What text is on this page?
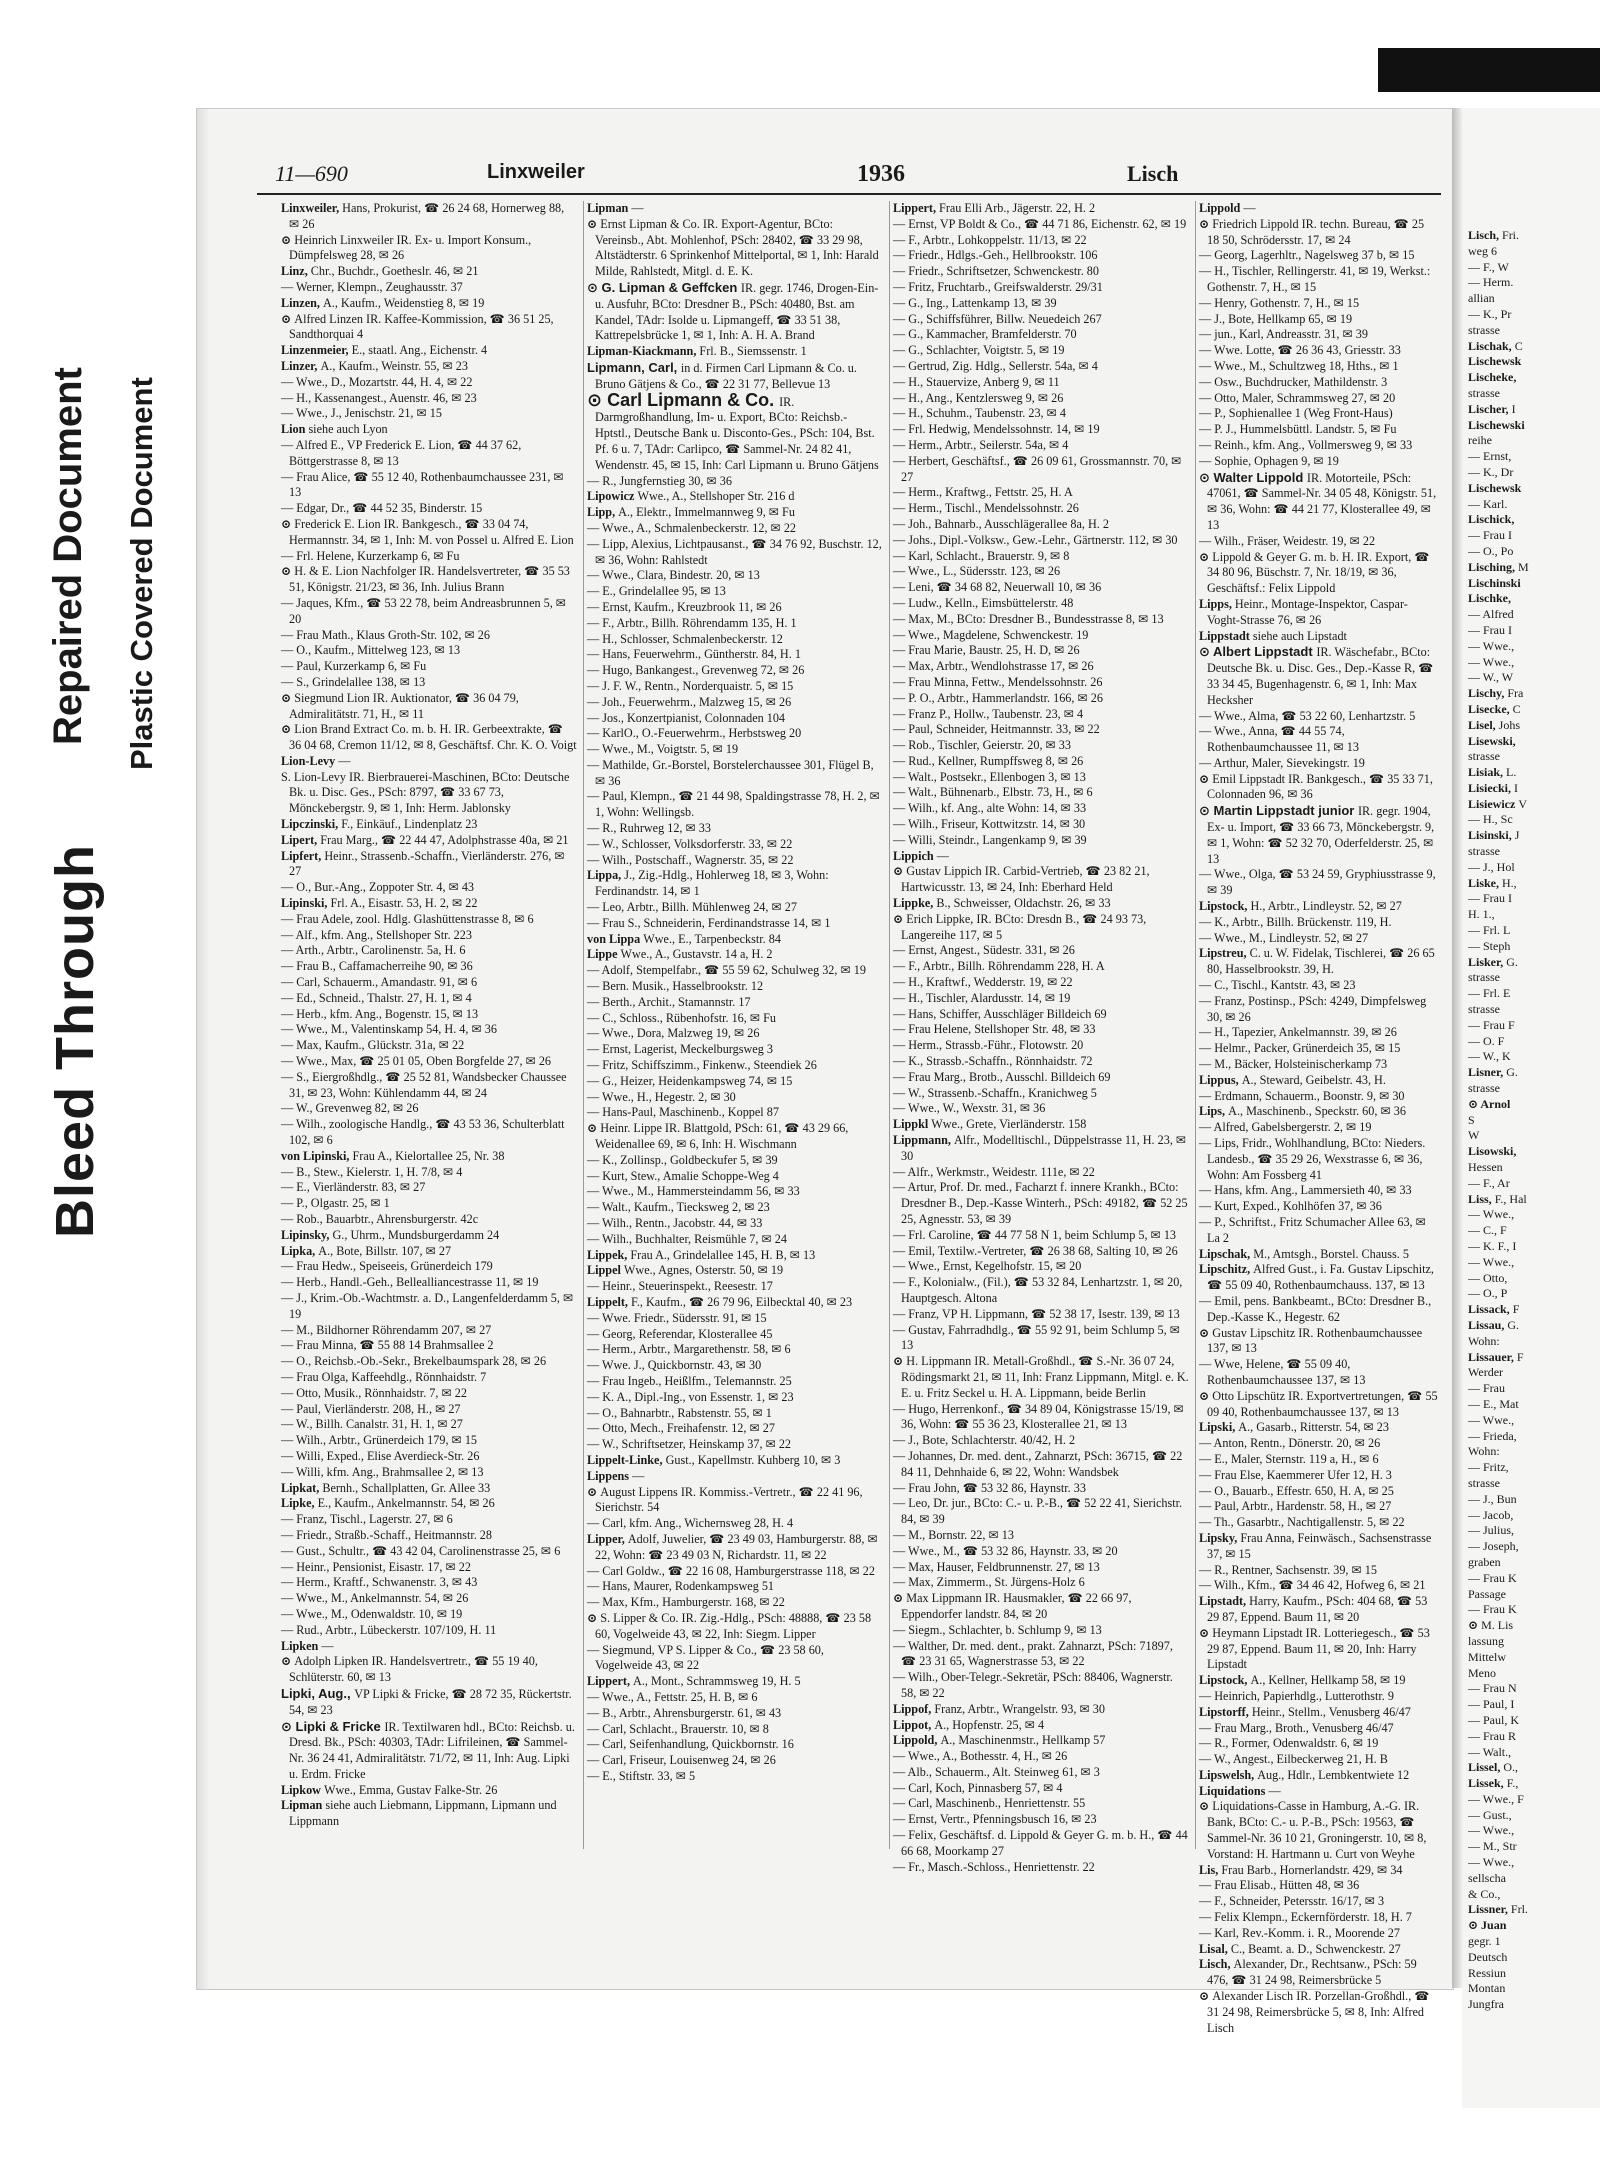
Bleed Through
Repaired Document Plastic Covered Document
11—690	Linxweiler	1936	Lisch

Linxweiler, Hans, Prokurist, ☎ 26 24 68, Hornerweg 88, ✉ 26

⊙ Heinrich Linxweiler IR. Ex- u. Import Konsum., Dümpfelsweg 28, ✉ 26

Linz, Chr., Buchdr., Goetheslr. 46, ✉ 21

— Werner, Klempn., Zeughausstr. 37

Linzen, A., Kaufm., Weidenstieg 8, ✉ 19

⊙ Alfred Linzen IR. Kaffee-Kommission, ☎ 36 51 25, Sandthorquai 4

Linzenmeier, E., staatl. Ang., Eichenstr. 4

Linzer, A., Kaufm., Weinstr. 55, ✉ 23

— Wwe., D., Mozartstr. 44, H. 4, ✉ 22

— H., Kassenangest., Auenstr. 46, ✉ 23

— Wwe., J., Jenischstr. 21, ✉ 15

Lion siehe auch Lyon

— Alfred E., VP Frederick E. Lion, ☎ 44 37 62, Böttgerstrasse 8, ✉ 13

— Frau Alice, ☎ 55 12 40, Rothenbaumchaussee 231, ✉ 13

— Edgar, Dr., ☎ 44 52 35, Binderstr. 15

⊙ Frederick E. Lion IR. Bankgesch., ☎ 33 04 74, Hermannstr. 34, ✉ 1, Inh: M. von Possel u. Alfred E. Lion

— Frl. Helene, Kurzerkamp 6, ✉ Fu

⊙ H. & E. Lion Nachfolger IR. Handelsvertreter, ☎ 35 53 51, Königstr. 21/23, ✉ 36, Inh. Julius Brann

— Jaques, Kfm., ☎ 53 22 78, beim Andreasbrunnen 5, ✉ 20

— Frau Math., Klaus Groth-Str. 102, ✉ 26

— O., Kaufm., Mittelweg 123, ✉ 13

— Paul, Kurzerkamp 6, ✉ Fu

— S., Grindelallee 138, ✉ 13

⊙ Siegmund Lion IR. Auktionator, ☎ 36 04 79, Admiralitätstr. 71, H., ✉ 11

⊙ Lion Brand Extract Co. m. b. H. IR. Gerbeextrakte, ☎ 36 04 68, Cremon 11/12, ✉ 8, Geschäftsf. Chr. K. O. Voigt

Lion-Levy —

S. Lion-Levy IR. Bierbrauerei-Maschinen, BCto: Deutsche Bk. u. Disc. Ges., PSch: 8797, ☎ 33 67 73, Mönckebergstr. 9, ✉ 1, Inh: Herm. Jablonsky

Lipczinski, F., Einkäuf., Lindenplatz 23

Lipert, Frau Marg., ☎ 22 44 47, Adolphstrasse 40a, ✉ 21

Lipfert, Heinr., Strassenb.-Schaffn., Vierländerstr. 276, ✉ 27

— O., Bur.-Ang., Zoppoter Str. 4, ✉ 43

Lipinski, Frl. A., Eisastr. 53, H. 2, ✉ 22

— Frau Adele, zool. Hdlg. Glashüttenstrasse 8, ✉ 6

— Alf., kfm. Ang., Stellshoper Str. 223

— Arth., Arbtr., Carolinenstr. 5a, H. 6

— Frau B., Caffamacherreihe 90, ✉ 36

— Carl, Schauerm., Amandastr. 91, ✉ 6

— Ed., Schneid., Thalstr. 27, H. 1, ✉ 4

— Herb., kfm. Ang., Bogenstr. 15, ✉ 13

— Wwe., M., Valentinskamp 54, H. 4, ✉ 36

— Max, Kaufm., Glückstr. 31a, ✉ 22

— Wwe., Max, ☎ 25 01 05, Oben Borgfelde 27, ✉ 26

— S., Eiergroßhdlg., ☎ 25 52 81, Wandsbecker Chaussee 31, ✉ 23, Wohn: Kühlendamm 44, ✉ 24

— W., Grevenweg 82, ✉ 26

— Wilh., zoologische Handlg., ☎ 43 53 36, Schulterblatt 102, ✉ 6

von Lipinski, Frau A., Kielortallee 25, Nr. 38

— B., Stew., Kielerstr. 1, H. 7/8, ✉ 4

— E., Vierländerstr. 83, ✉ 27

— P., Olgastr. 25, ✉ 1

— Rob., Bauarbtr., Ahrensburgerstr. 42c

Lipinsky, G., Uhrm., Mundsburgerdamm 24

Lipka, A., Bote, Billstr. 107, ✉ 27

— Frau Hedw., Speiseeis, Grünerdeich 179

— Herb., Handl.-Geh., Belleallianсestrasse 11, ✉ 19

— J., Krim.-Ob.-Wachtmstr. a. D., Langenfelderdamm 5, ✉ 19

— M., Bildhorner Röhrendamm 207, ✉ 27

— Frau Minna, ☎ 55 88 14 Brahmsallee 2

— O., Reichsb.-Ob.-Sekr., Brekelbaumspark 28, ✉ 26

— Frau Olga, Kaffeehdlg., Rönnhaidstr. 7

— Otto, Musik., Rönnhaidstr. 7, ✉ 22

— Paul, Vierländerstr. 208, H., ✉ 27

— W., Billh. Canalstr. 31, H. 1, ✉ 27

— Wilh., Arbtr., Grünerdeich 179, ✉ 15

— Willi, Exped., Elise Averdieck-Str. 26

— Willi, kfm. Ang., Brahmsallee 2, ✉ 13

Lipkat, Bernh., Schallplatten, Gr. Allee 33

Lipke, E., Kaufm., Ankelmannstr. 54, ✉ 26

— Franz, Tischl., Lagerstr. 27, ✉ 6

— Friedr., Straßb.-Schaff., Heitmannstr. 28

— Gust., Schultr., ☎ 43 42 04, Carolinenstrasse 25, ✉ 6

— Heinr., Pensionist, Eisastr. 17, ✉ 22

— Herm., Kraftf., Schwanenstr. 3, ✉ 43

— Wwe., M., Ankelmannstr. 54, ✉ 26

— Wwe., M., Odenwaldstr. 10, ✉ 19

— Rud., Arbtr., Lübeckerstr. 107/109, H. 11

Lipken —

⊙ Adolph Lipken IR. Handelsvertretr., ☎ 55 19 40, Schlüterstr. 60, ✉ 13

Lipki, Aug., VP Lipki & Fricke, ☎ 28 72 35, Rückertstr. 54, ✉ 23

⊙ Lipki & Fricke IR. Textilwaren hdl., BCto: Reichsb. u. Dresd. Bk., PSch: 40303, TAdr: Lifrileinen, ☎ Sammel-Nr. 36 24 41, Admiralitätstr. 71/72, ✉ 11, Inh: Aug. Lipki u. Erdm. Fricke

Lipkow Wwe., Emma, Gustav Falke-Str. 26

Lipman siehe auch Liebmann, Lippmann, Lipmann und Lippmann

Lipman —

⊙ Ernst Lipman & Co. IR. Export-Agentur, BCto: Vereinsb., Abt. Mohlenhof, PSch: 28402, ☎ 33 29 98, Altstädterstr. 6 Sprinkenhof Mittelportal, ✉ 1, Inh: Harald Milde, Rahlstedt, Mitgl. d. E. K.

⊙ G. Lipman & Geffcken IR. gegr. 1746, Drogen-Ein- u. Ausfuhr, BCto: Dresdner B., PSch: 40480, Bst. am Kandel, TAdr: Isolde u. Lipmangeff, ☎ 33 51 38, Kattrepelsbrücke 1, ✉ 1, Inh: A. H. A. Brand

Lipman-Kiackmann, Frl. B., Siemssenstr. 1

Lipmann, Carl, in d. Firmen Carl Lipmann & Co. u. Bruno Gätjens & Co., ☎ 22 31 77, Bellevue 13

⊙ Carl Lipmann & Co. IR. Darmgroßhandlung, Im- u. Export, BCto: Reichsb.-Hptstl., Deutsche Bank u. Disconto-Ges., PSch: 104, Bst. Pf. 6 u. 7, TAdr: Carlipco, ☎ Sammel-Nr. 24 82 41, Wendenstr. 45, ✉ 15, Inh: Carl Lipmann u. Bruno Gätjens

— R., Jungfernstieg 30, ✉ 36

Lipowicz Wwe., A., Stellshoper Str. 216 d

Lipp, A., Elektr., Immelmannweg 9, ✉ Fu

— Wwe., A., Schmalenbeckerstr. 12, ✉ 22

— Lipp, Alexius, Lichtpausanst., ☎ 34 76 92, Buschstr. 12, ✉ 36, Wohn: Rahlstedt

— Wwe., Clara, Bindestr. 20, ✉ 13

— E., Grindelallee 95, ✉ 13

— Ernst, Kaufm., Kreuzbrook 11, ✉ 26

— F., Arbtr., Billh. Röhrendamm 135, H. 1

— H., Schlosser, Schmalenbeckerstr. 12

— Hans, Feuerwehrm., Güntherstr. 84, H. 1

— Hugo, Bankangest., Grevenweg 72, ✉ 26

— J. F. W., Rentn., Norderquaistr. 5, ✉ 15

— Joh., Feuerwehrm., Malzweg 15, ✉ 26

— Jos., Konzertpianist, Colonnaden 104

— KarlO., O.-Feuerwehrm., Herbstsweg 20

— Wwe., M., Voigtstr. 5, ✉ 19

— Mathilde, Gr.-Borstel, Borstelerchaussee 301, Flügel B, ✉ 36

— Paul, Klempn., ☎ 21 44 98, Spaldingstrasse 78, H. 2, ✉ 1, Wohn: Wellingsb.

— R., Ruhrweg 12, ✉ 33

— W., Schlosser, Volksdorferstr. 33, ✉ 22

— Wilh., Postschaff., Wagnerstr. 35, ✉ 22

Lippa, J., Zig.-Hdlg., Hohlerweg 18, ✉ 3, Wohn: Ferdinandstr. 14, ✉ 1

— Leo, Arbtr., Billh. Mühlenweg 24, ✉ 27

— Frau S., Schneiderin, Ferdinandstrasse 14, ✉ 1

von Lippa Wwe., E., Tarpenbeckstr. 84

Lippe Wwe., A., Gustavstr. 14 a, H. 2

— Adolf, Stempelfabr., ☎ 55 59 62, Schulweg 32, ✉ 19

— Bern. Musik., Hasselbrookstr. 12

— Berth., Archit., Stamannstr. 17

— C., Schloss., Rübenhofstr. 16, ✉ Fu

— Wwe., Dora, Malzweg 19, ✉ 26

— Ernst, Lagerist, Meckelburgsweg 3

— Fritz, Schiffszimm., Finkenw., Steendiek 26

— G., Heizer, Heidenkampsweg 74, ✉ 15

— Wwe., H., Hegestr. 2, ✉ 30

— Hans-Paul, Maschinenb., Koppel 87

⊙ Heinr. Lippe IR. Blattgold, PSch: 61, ☎ 43 29 66, Weidenallee 69, ✉ 6, Inh: H. Wischmann

— K., Zollinsp., Goldbeckufer 5, ✉ 39

— Kurt, Stew., Amalie Schoppe-Weg 4

— Wwe., M., Hammersteindamm 56, ✉ 33

— Walt., Kaufm., Tiecksweg 2, ✉ 23

— Wilh., Rentn., Jacobstr. 44, ✉ 33

— Wilh., Buchhalter, Reismühle 7, ✉ 24

Lippek, Frau A., Grindelallee 145, H. B, ✉ 13

Lippel Wwe., Agnes, Osterstr. 50, ✉ 19

— Heinr., Steuerinspekt., Reesestr. 17

Lippelt, F., Kaufm., ☎ 26 79 96, Eilbecktal 40, ✉ 23

— Wwe. Friedr., Südersstr. 91, ✉ 15

— Georg, Referendar, Klosterallee 45

— Herm., Arbtr., Margarethenstr. 58, ✉ 6

— Wwe. J., Quickbornstr. 43, ✉ 30

— Frau Ingeb., Heißlfm., Telemannstr. 25

— K. A., Dipl.-Ing., von Essenstr. 1, ✉ 23

— O., Bahnarbtr., Rabstenstr. 55, ✉ 1

— Otto, Mech., Freihafenstr. 12, ✉ 27

— W., Schriftsetzer, Heinskamp 37, ✉ 22

Lippelt-Linke, Gust., Kapellmstr. Kuhberg 10, ✉ 3

Lippens —

⊙ August Lippens IR. Kommiss.-Vertretr., ☎ 22 41 96, Sierichstr. 54

— Carl, kfm. Ang., Wichernsweg 28, H. 4

Lipper, Adolf, Juwelier, ☎ 23 49 03, Hamburgerstr. 88, ✉ 22, Wohn: ☎ 23 49 03 N, Richardstr. 11, ✉ 22

— Carl Goldw., ☎ 22 16 08, Hamburgerstrasse 118, ✉ 22

— Hans, Maurer, Rodenkampsweg 51

— Max, Kfm., Hamburgerstr. 168, ✉ 22

⊙ S. Lipper & Co. IR. Zig.-Hdlg., PSch: 48888, ☎ 23 58 60, Vogelweide 43, ✉ 22, Inh: Siegm. Lipper

— Siegmund, VP S. Lipper & Co., ☎ 23 58 60, Vogelweide 43, ✉ 22

Lippert, A., Mont., Schrammsweg 19, H. 5

— Wwe., A., Fettstr. 25, H. B, ✉ 6

— B., Arbtr., Ahrensburgerstr. 61, ✉ 43

— Carl, Schlacht., Brauerstr. 10, ✉ 8

— Carl, Seifenhandlung, Quickbornstr. 16

— Carl, Friseur, Louisenweg 24, ✉ 26

— E., Stiftstr. 33, ✉ 5

Lippert, Frau Elli Arb., Jägerstr. 22, H. 2

— Ernst, VP Boldt & Co., ☎ 44 71 86, Eichenstr. 62, ✉ 19

— F., Arbtr., Lohkoppelstr. 11/13, ✉ 22

— Friedr., Hdlgs.-Geh., Hellbrookstr. 106

— Friedr., Schriftsetzer, Schwenckestr. 80

— Fritz, Fruchtarb., Greifswalderstr. 29/31

— G., Ing., Lattenkamp 13, ✉ 39

— G., Schiffsführer, Billw. Neuedeich 267

— G., Kammacher, Bramfelderstr. 70

— G., Schlachter, Voigtstr. 5, ✉ 19

— Gertrud, Zig. Hdlg., Sellerstr. 54a, ✉ 4

— H., Stauervize, Anberg 9, ✉ 11

— H., Ang., Kentzlersweg 9, ✉ 26

— H., Schuhm., Taubenstr. 23, ✉ 4

— Frl. Hedwig, Mendelssohnstr. 14, ✉ 19

— Herm., Arbtr., Seilerstr. 54a, ✉ 4

— Herbert, Geschäftsf., ☎ 26 09 61, Grossmannstr. 70, ✉ 27

— Herm., Kraftwg., Fettstr. 25, H. A

— Herm., Tischl., Mendelssohnstr. 26

— Joh., Bahnarb., Ausschlägerallee 8a, H. 2

— Johs., Dipl.-Volksw., Gew.-Lehr., Gärtnerstr. 112, ✉ 30

— Karl, Schlacht., Brauerstr. 9, ✉ 8

— Wwe., L., Südersstr. 123, ✉ 26

— Leni, ☎ 34 68 82, Neuerwall 10, ✉ 36

— Ludw., Kelln., Eimsbüttelerstr. 48

— Max, M., BCto: Dresdner B., Bundesstrasse 8, ✉ 13

— Wwe., Magdelene, Schwenckestr. 19

— Frau Marie, Baustr. 25, H. D, ✉ 26

— Max, Arbtr., Wendlohstrasse 17, ✉ 26

— Frau Minna, Fettw., Mendelssohnstr. 26

— P. O., Arbtr., Hammerlandstr. 166, ✉ 26

— Franz P., Hollw., Taubenstr. 23, ✉ 4

— Paul, Schneider, Heitmannstr. 33, ✉ 22

— Rob., Tischler, Geierstr. 20, ✉ 33

— Rud., Kellner, Rumpffsweg 8, ✉ 26

— Walt., Postsekr., Ellenbogen 3, ✉ 13

— Walt., Bühnenarb., Elbstr. 73, H., ✉ 6

— Wilh., kf. Ang., alte Wohn: 14, ✉ 33

— Wilh., Friseur, Kottwitzstr. 14, ✉ 30

— Willi, Steindr., Langenkamp 9, ✉ 39

Lippich —

⊙ Gustav Lippich IR. Carbid-Vertrieb, ☎ 23 82 21, Hartwicusstr. 13, ✉ 24, Inh: Eberhard Held

Lippke, B., Schweisser, Oldachstr. 26, ✉ 33

⊙ Erich Lippke, IR. BCto: Dresdn B., ☎ 24 93 73, Langereihe 117, ✉ 5

— Ernst, Angest., Südestr. 331, ✉ 26

— F., Arbtr., Billh. Röhrendamm 228, H. A

— H., Kraftwf., Wedderstr. 19, ✉ 22

— H., Tischler, Alardusstr. 14, ✉ 19

— Hans, Schiffer, Ausschläger Billdeich 69

— Frau Helene, Stellshoper Str. 48, ✉ 33

— Herm., Strassb.-Führ., Flotowstr. 20

— K., Strassb.-Schaffn., Rönnhaidstr. 72

— Frau Marg., Brotb., Ausschl. Billdeich 69

— W., Strassenb.-Schaffn., Kranichweg 5

— Wwe., W., Wexstr. 31, ✉ 36

Lippkl Wwe., Grete, Vierländerstr. 158

Lippmann, Alfr., Modelltischl., Düppelstrasse 11, H. 23, ✉ 30

— Alfr., Werkmstr., Weidestr. 111e, ✉ 22

— Artur, Prof. Dr. med., Facharzt f. innere Krankh., BCto: Dresdner B., Dep.-Kasse Winterh., PSch: 49182, ☎ 52 25 25, Agnesstr. 53, ✉ 39

— Frl. Caroline, ☎ 44 77 58 N 1, beim Schlump 5, ✉ 13

— Emil, Textilw.-Vertreter, ☎ 26 38 68, Salting 10, ✉ 26

— Wwe., Ernst, Kegelhofstr. 15, ✉ 20

— F., Kolonialw., (Fil.), ☎ 53 32 84, Lenhartzstr. 1, ✉ 20, Hauptgesch. Altona

— Franz, VP H. Lippmann, ☎ 52 38 17, Isestr. 139, ✉ 13

— Gustav, Fahrradhdlg., ☎ 55 92 91, beim Schlump 5, ✉ 13

⊙ H. Lippmann IR. Metall-Großhdl., ☎ S.-Nr. 36 07 24, Rödingsmarkt 21, ✉ 11, Inh: Franz Lippmann, Mitgl. e. K. E. u. Fritz Seckel u. H. A. Lippmann, beide Berlin

— Hugo, Herrenkonf., ☎ 34 89 04, Königstrasse 15/19, ✉ 36, Wohn: ☎ 55 36 23, Klosterallee 21, ✉ 13

— J., Bote, Schlachterstr. 40/42, H. 2

— Johannes, Dr. med. dent., Zahnarzt, PSch: 36715, ☎ 22 84 11, Dehnhaide 6, ✉ 22, Wohn: Wandsbek

— Frau John, ☎ 53 32 86, Haynstr. 33

— Leo, Dr. jur., BCto: C.- u. P.-B., ☎ 52 22 41, Sierichstr. 84, ✉ 39

— M., Bornstr. 22, ✉ 13

— Wwe., M., ☎ 53 32 86, Haynstr. 33, ✉ 20

— Max, Hauser, Feldbrunnenstr. 27, ✉ 13

— Max, Zimmerm., St. Jürgens-Holz 6

⊙ Max Lippmann IR. Hausmakler, ☎ 22 66 97, Eppendorfer landstr. 84, ✉ 20

— Siegm., Schlachter, b. Schlump 9, ✉ 13

— Walther, Dr. med. dent., prakt. Zahnarzt, PSch: 71897, ☎ 23 31 65, Wagnerstrasse 53, ✉ 22

— Wilh., Ober-Telegr.-Sekretär, PSch: 88406, Wagnerstr. 58, ✉ 22

Lippof, Franz, Arbtr., Wrangelstr. 93, ✉ 30

Lippot, A., Hopfenstr. 25, ✉ 4

Lippold, A., Maschinenmstr., Hellkamp 57

— Wwe., A., Bothesstr. 4, H., ✉ 26

— Alb., Schauerm., Alt. Steinweg 61, ✉ 3

— Carl, Koch, Pinnasberg 57, ✉ 4

— Carl, Maschinenb., Henriettenstr. 55

— Ernst, Vertr., Pfenningsbusch 16, ✉ 23

— Felix, Geschäftsf. d. Lippold & Geyer G. m. b. H., ☎ 44 66 68, Moorkamp 27

— Fr., Masch.-Schloss., Henriettenstr. 22

Lippold —

⊙ Friedrich Lippold IR. techn. Bureau, ☎ 25 18 50, Schrödersstr. 17, ✉ 24

— Georg, Lagerhltr., Nagelsweg 37 b, ✉ 15

— H., Tischler, Rellingerstr. 41, ✉ 19, Werkst.: Gothenstr. 7, H., ✉ 15

— Henry, Gothenstr. 7, H., ✉ 15

— J., Bote, Hellkamp 65, ✉ 19

— jun., Karl, Andreasstr. 31, ✉ 39

— Wwe. Lotte, ☎ 26 36 43, Griesstr. 33

— Wwe., M., Schultzweg 18, Hths., ✉ 1

— Osw., Buchdrucker, Mathildenstr. 3

— Otto, Maler, Schrammsweg 27, ✉ 20

— P., Sophienallee 1 (Weg Front-Haus)

— P. J., Hummelsbüttl. Landstr. 5, ✉ Fu

— Reinh., kfm. Ang., Vollmersweg 9, ✉ 33

— Sophie, Ophagen 9, ✉ 19

⊙ Walter Lippold IR. Motorteile, PSch: 47061, ☎ Sammel-Nr. 34 05 48, Königstr. 51, ✉ 36, Wohn: ☎ 44 21 77, Klosterallee 49, ✉ 13

— Wilh., Fräser, Weidestr. 19, ✉ 22

⊙ Lippold & Geyer G. m. b. H. IR. Export, ☎ 34 80 96, Büschstr. 7, Nr. 18/19, ✉ 36, Geschäftsf.: Felix Lippold

Lipps, Heinr., Montage-Inspektor, Caspar-Voght-Strasse 76, ✉ 26

Lippstadt siehe auch Lipstadt

⊙ Albert Lippstadt IR. Wäschefabr., BCto: Deutsche Bk. u. Disc. Ges., Dep.-Kasse R, ☎ 33 34 45, Bugenhagenstr. 6, ✉ 1, Inh: Max Hecksher

— Wwe., Alma, ☎ 53 22 60, Lenhartzstr. 5

— Wwe., Anna, ☎ 44 55 74, Rothenbaumchaussee 11, ✉ 13

— Arthur, Maler, Sievekingstr. 19

⊙ Emil Lippstadt IR. Bankgesch., ☎ 35 33 71, Colonnaden 96, ✉ 36

⊙ Martin Lippstadt junior IR. gegr. 1904, Ex- u. Import, ☎ 33 66 73, Mönckebergstr. 9, ✉ 1, Wohn: ☎ 52 32 70, Oderfelderstr. 25, ✉ 13

— Wwe., Olga, ☎ 53 24 59, Gryphiusstrasse 9, ✉ 39

Lipstock, H., Arbtr., Lindleystr. 52, ✉ 27

— K., Arbtr., Billh. Brückenstr. 119, H.

— Wwe., M., Lindleystr. 52, ✉ 27

Lipstreu, C. u. W. Fidelak, Tischlerei, ☎ 26 65 80, Hasselbrookstr. 39, H.

— C., Tischl., Kantstr. 43, ✉ 23

— Franz, Postinsp., PSch: 4249, Dimpfelsweg 30, ✉ 26

— H., Tapezier, Ankelmannstr. 39, ✉ 26

— Helmr., Packer, Grünerdeich 35, ✉ 15

— M., Bäcker, Holsteinischerkamp 73

Lippus, A., Steward, Geibelstr. 43, H.

— Erdmann, Schauerm., Boonstr. 9, ✉ 30

Lips, A., Maschinenb., Speckstr. 60, ✉ 36

— Alfred, Gabelsbergerstr. 2, ✉ 19

— Lips, Fridr., Wohlhandlung, BCto: Nieders. Landesb., ☎ 35 29 26, Wexstrasse 6, ✉ 36, Wohn: Am Fossberg 41

— Hans, kfm. Ang., Lammersieth 40, ✉ 33

— Kurt, Exped., Kohlhöfen 37, ✉ 36

— P., Schriftst., Fritz Schumacher Allee 63, ✉ La 2

Lipschak, M., Amtsgh., Borstel. Chauss. 5

Lipschitz, Alfred Gust., i. Fa. Gustav Lipschitz, ☎ 55 09 40, Rothenbaumchauss. 137, ✉ 13

— Emil, pens. Bankbeamt., BCto: Dresdner B., Dep.-Kasse K., Hegestr. 62

⊙ Gustav Lipschitz IR. Rothenbaumchaussee 137, ✉ 13

— Wwe, Helene, ☎ 55 09 40, Rothenbaumchaussee 137, ✉ 13

⊙ Otto Lipschütz IR. Exportvertretungen, ☎ 55 09 40, Rothenbaumchaussee 137, ✉ 13

Lipski, A., Gasarb., Ritterstr. 54, ✉ 23

— Anton, Rentn., Dönerstr. 20, ✉ 26

— E., Maler, Sternstr. 119 a, H., ✉ 6

— Frau Else, Kaemmerer Ufer 12, H. 3

— O., Bauarb., Effestr. 650, H. A, ✉ 25

— Paul, Arbtr., Hardenstr. 58, H., ✉ 27

— Th., Gasarbtr., Nachtigallenstr. 5, ✉ 22

Lipsky, Frau Anna, Feinwäsch., Sachsenstrasse 37, ✉ 15

— R., Rentner, Sachsenstr. 39, ✉ 15

— Wilh., Kfm., ☎ 34 46 42, Hofweg 6, ✉ 21

Lipstadt, Harry, Kaufm., PSch: 404 68, ☎ 53 29 87, Eppend. Baum 11, ✉ 20

⊙ Heymann Lipstadt IR. Lotteriegesch., ☎ 53 29 87, Eppend. Baum 11, ✉ 20, Inh: Harry Lipstadt

Lipstock, A., Kellner, Hellkamp 58, ✉ 19

— Heinrich, Papierhdlg., Lutterothstr. 9

Lipstorff, Heinr., Stellm., Venusberg 46/47

— Frau Marg., Broth., Venusberg 46/47

— R., Former, Odenwaldstr. 6, ✉ 19

— W., Angest., Eilbeckerweg 21, H. B

Lipswelsh, Aug., Hdlr., Lembkentwiete 12

Liquidations —

⊙ Liquidations-Casse in Hamburg, A.-G. IR. Bank, BCto: C.- u. P.-B., PSch: 19563, ☎ Sammel-Nr. 36 10 21, Groningerstr. 10, ✉ 8, Vorstand: H. Hartmann u. Curt von Weyhe

Lis, Frau Barb., Hornerlandstr. 429, ✉ 34

— Frau Elisab., Hütten 48, ✉ 36

— F., Schneider, Petersstr. 16/17, ✉ 3

— Felix Klempn., Eckernförderstr. 18, H. 7

— Karl, Rev.-Komm. i. R., Moorende 27

Lisal, C., Beamt. a. D., Schwenckestr. 27

Lisch, Alexander, Dr., Rechtsanw., PSch: 59 476, ☎ 31 24 98, Reimersbrücke 5

⊙ Alexander Lisch IR. Porzellan-Großhdl., ☎ 31 24 98, Reimersbrücke 5, ✉ 8, Inh: Alfred Lisch

Lisch, Fri.
weg 6
— F., W
— Herm.
allian
— K., Pr
strasse
Lischak, C
Lischewsk
Lischeke,
strasse
Lischer, I
Lischewski
reihe
— Ernst,
— K., Dr
Lischewsk
— Karl.
Lischick,
— Frau I
— O., Po
Lisching, M
Lischinski
Lischke,
— Alfred
— Frau I
— Wwe.,
— Wwe.,
— W., W
Lischy, Fra
Lisecke, C
Lisel, Johs
Lisewski,
strasse
Lisiak, L.
Lisiecki, I
Lisiewicz V
— H., Sc
Lisinski, J
strasse
— J., Hol
Liske, H.,
— Frau I
H. 1.,
— Frl. L
— Steph
Lisker, G.
strasse
— Frl. E
strasse
— Frau F
— O. F
— W., K
Lisner, G.
strasse
⊙ Arnol
S
W
Lisowski,
Hessen
— F., Ar
Liss, F., Hal
— Wwe.,
— C., F
— K. F., I
— Wwe.,
— Otto,
— O., P
Lissack, F
Lissau, G.
Wohn:
Lissauer, F
Werder
— Frau
— E., Mat
— Wwe.,
— Frieda,
Wohn:
— Fritz,
strasse
— J., Bun
— Jacob,
— Julius,
— Joseph,
graben
— Frau K
Passage
— Frau K
⊙ M. Lis
lassung
Mittelw
Meno
— Frau N
— Paul, I
— Paul, K
— Frau R
— Walt.,
Lissel, O.,
Lissek, F.,
— Wwe., F
— Gust.,
— Wwe.,
— M., Str
— Wwe.,
sellscha
& Co.,
Lissner, Frl.
⊙ Juan
gegr. 1
Deutsch
Ressiun
Montan
Jungfra
